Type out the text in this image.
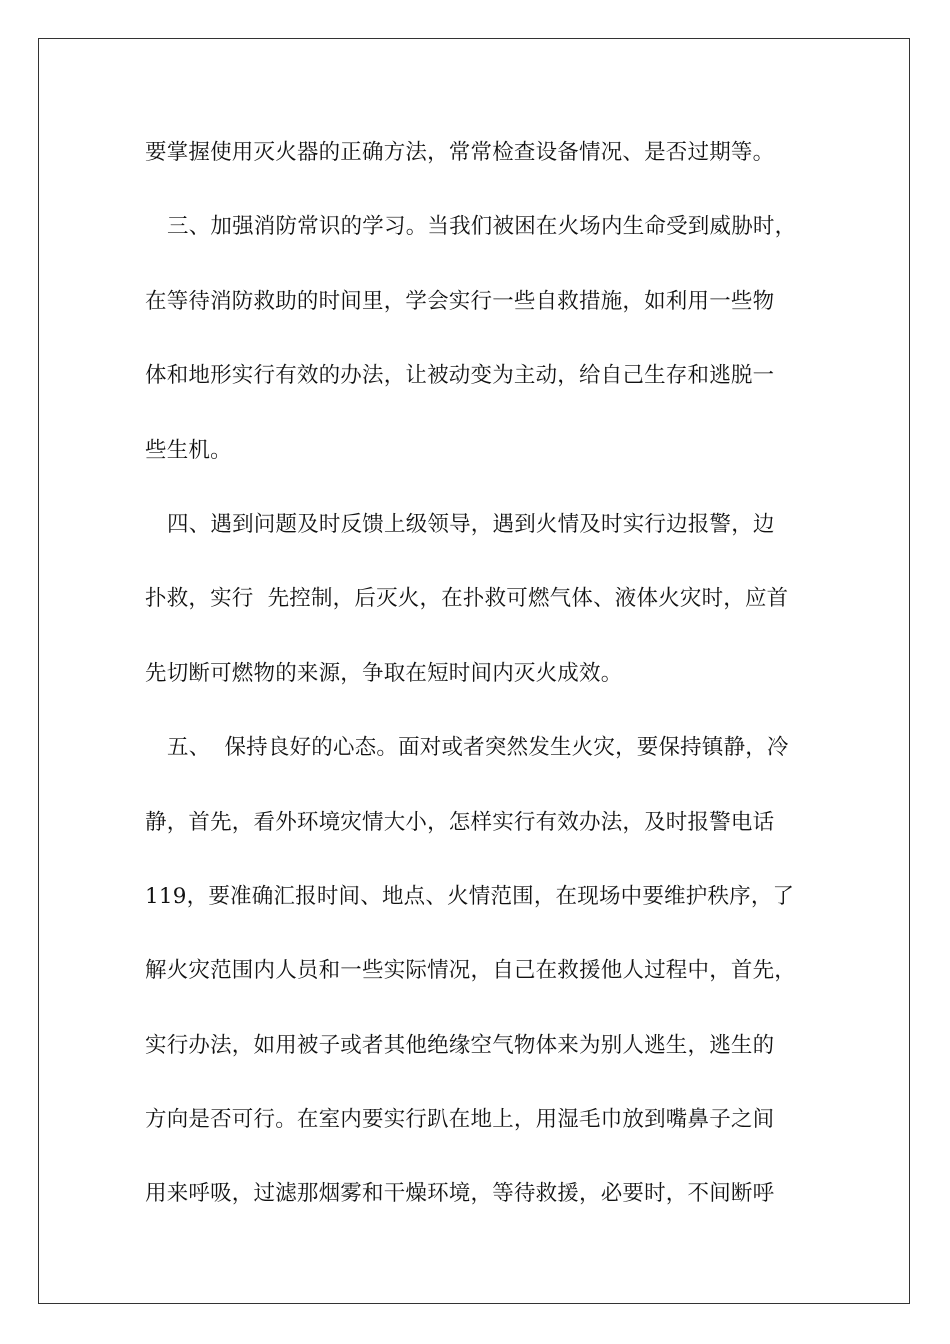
要掌握使用灭火器的正确方法，常常检查设备情况、是否过期等。
三、加强消防常识的学习。当我们被困在火场内生命受到威胁时，
在等待消防救助的时间里，学会实行一些自救措施，如利用一些物
体和地形实行有效的办法，让被动变为主动，给自己生存和逃脱一
些生机。
四、遇到问题及时反馈上级领导，遇到火情及时实行边报警，边
扑救，实行  先控制，后灭火，在扑救可燃气体、液体火灾时，应首
先切断可燃物的来源，争取在短时间内灭火成效。
五、  保持良好的心态。面对或者突然发生火灾，要保持镇静，冷
静，首先，看外环境灾情大小，怎样实行有效办法，及时报警电话
119，要准确汇报时间、地点、火情范围，在现场中要维护秩序，了
解火灾范围内人员和一些实际情况，自己在救援他人过程中，首先，
实行办法，如用被子或者其他绝缘空气物体来为别人逃生，逃生的
方向是否可行。在室内要实行趴在地上，用湿毛巾放到嘴鼻子之间
用来呼吸，过滤那烟雾和干燥环境，等待救援，必要时，不间断呼
